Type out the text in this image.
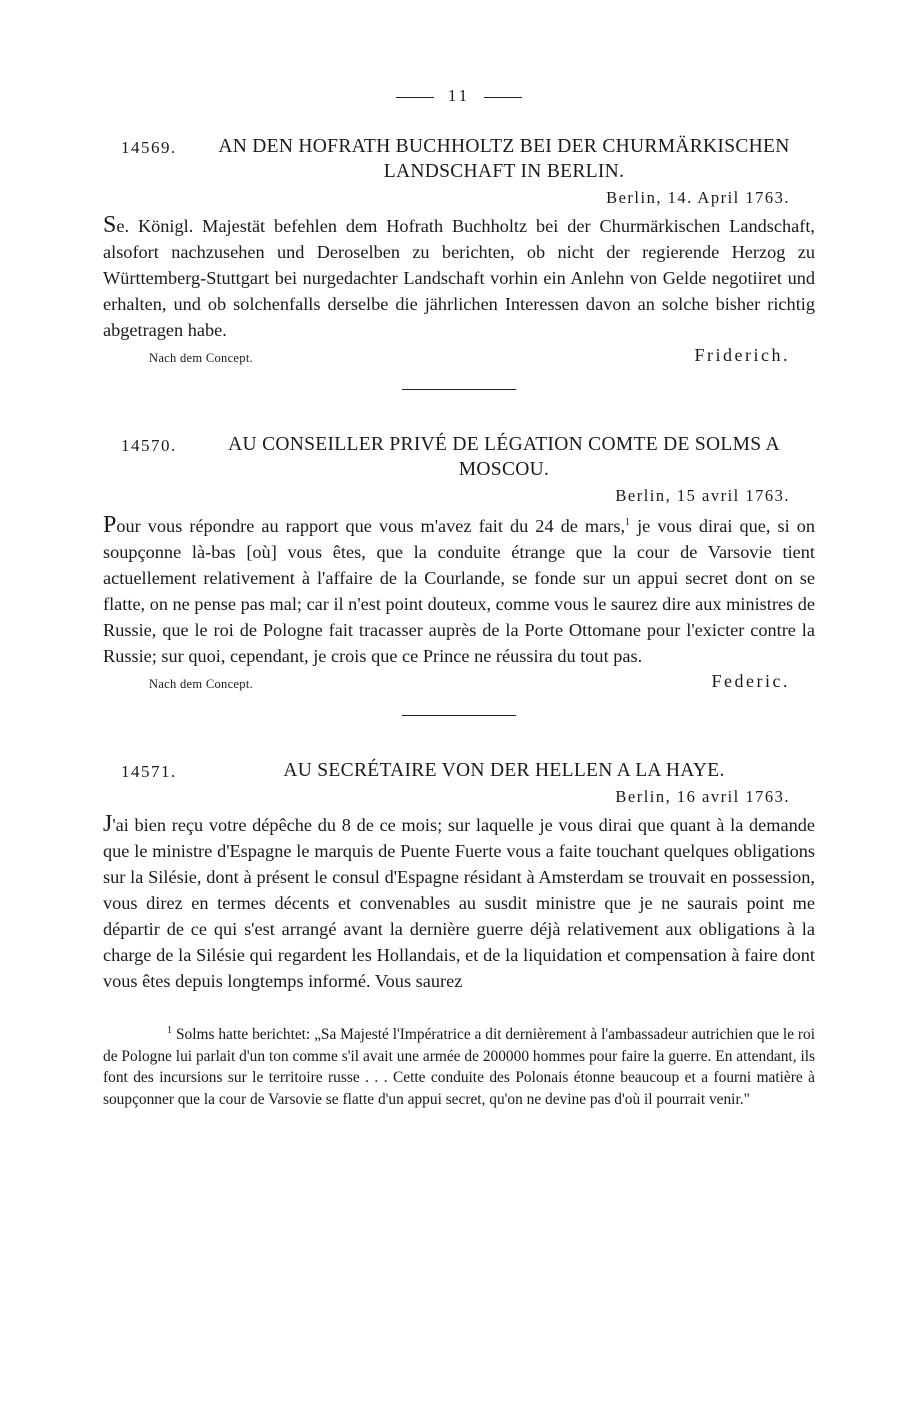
11
14569. AN DEN HOFRATH BUCHHOLTZ BEI DER CHURMÄRKISCHEN LANDSCHAFT IN BERLIN.
Berlin, 14. April 1763.

Se. Königl. Majestät befehlen dem Hofrath Buchholtz bei der Churmärkischen Landschaft, alsofort nachzusehen und Deroselben zu berichten, ob nicht der regierende Herzog zu Württemberg-Stuttgart bei nurgedachter Landschaft vorhin ein Anlehn von Gelde negotiiret und erhalten, und ob solchenfalls derselbe die jährlichen Interessen davon an solche bisher richtig abgetragen habe.

Nach dem Concept.	Friderich.
14570.	AU CONSEILLER PRIVÉ DE LÉGATION COMTE DE SOLMS A MOSCOU.
Berlin, 15 avril 1763.

Pour vous répondre au rapport que vous m'avez fait du 24 de mars,$^1$ je vous dirai que, si on soupçonne là-bas [où] vous êtes, que la conduite étrange que la cour de Varsovie tient actuellement relativement à l'affaire de la Courlande, se fonde sur un appui secret dont on se flatte, on ne pense pas mal; car il n'est point douteux, comme vous le saurez dire aux ministres de Russie, que le roi de Pologne fait tracasser auprès de la Porte Ottomane pour l'exicter contre la Russie; sur quoi, cependant, je crois que ce Prince ne réussira du tout pas.

Nach dem Concept.	Federic.
14571.	AU SECRÉTAIRE VON DER HELLEN A LA HAYE.
Berlin, 16 avril 1763.

J'ai bien reçu votre dépêche du 8 de ce mois; sur laquelle je vous dirai que quant à la demande que le ministre d'Espagne le marquis de Puente Fuerte vous a faite touchant quelques obligations sur la Silésie, dont à présent le consul d'Espagne résidant à Amsterdam se trouvait en possession, vous direz en termes décents et convenables au susdit ministre que je ne saurais point me départir de ce qui s'est arrangé avant la dernière guerre déjà relativement aux obligations à la charge de la Silésie qui regardent les Hollandais, et de la liquidation et compensation à faire dont vous êtes depuis longtemps informé. Vous saurez

$^1$ Solms hatte berichtet: „Sa Majesté l'Impératrice a dit dernièrement à l'ambassadeur autrichien que le roi de Pologne lui parlait d'un ton comme s'il avait une armée de 200000 hommes pour faire la guerre. En attendant, ils font des incursions sur le territoire russe . . . Cette conduite des Polonais étonne beaucoup et a fourni matière à soupçonner que la cour de Varsovie se flatte d'un appui secret, qu'on ne devine pas d'où il pourrait venir."
